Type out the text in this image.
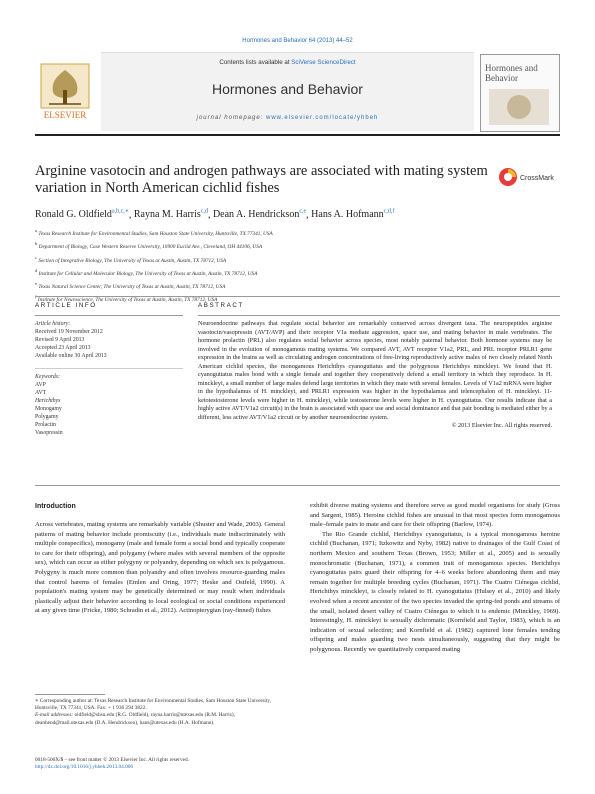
Hormones and Behavior 64 (2013) 44–52
ELSEVIER
Contents lists available at SciVerse ScienceDirect
Hormones and Behavior
journal homepage: www.elsevier.com/locate/yhbeh
Hormones and Behavior
Arginine vasotocin and androgen pathways are associated with mating system variation in North American cichlid fishes
CrossMark
Ronald G. Oldfield$^{a,b,c,∗}$, Rayna M. Harris$^{c,d}$, Dean A. Hendrickson$^{c,e}$, Hans A. Hofmann$^{c,d,f}$
$^a$ Texas Research Institute for Environmental Studies, Sam Houston State University, Huntsville, TX 77341, USA
$^b$ Department of Biology, Case Western Reserve University, 10900 Euclid Ave., Cleveland, OH 44106, USA
$^c$ Section of Integrative Biology, The University of Texas at Austin, Austin, TX 78712, USA
$^d$ Institute for Cellular and Molecular Biology, The University of Texas at Austin, Austin, TX 78712, USA
$^e$ Texas Natural Science Center, The University of Texas at Austin, Austin, TX 78712, USA
$^f$ Institute for Neuroscience, The University of Texas at Austin, Austin, TX 78712, USA
ARTICLE INFO	ABSTRACT
Article history:
Received 19 November 2012
Revised 9 April 2013
Accepted 23 April 2013
Available online 30 April 2013
Keywords:
AVP
AVT
Herichthys
Monogamy
Polygamy
Prolactin
Vasopressin
Neuroendocrine pathways that regulate social behavior are remarkably conserved across divergent taxa. The neuropeptides arginine vasotocin/vasopressin (AVT/AVP) and their receptor V1a mediate aggression, space use, and mating behavior in male vertebrates. The hormone prolactin (PRL) also regulates social behavior across species, most notably paternal behavior. Both hormone systems may be involved in the evolution of monogamous mating systems. We compared AVT, AVT receptor V1a2, PRL, and PRL receptor PRLR1 gene expression in the brains as well as circulating androgen concentrations of free-living reproductively active males of two closely related North American cichlid species, the monogamous Herichthys cyanoguttatus and the polygynous Herichthys minckleyi. We found that H. cyanoguttatus males bond with a single female and together they cooperatively defend a small territory in which they reproduce. In H. minckleyi, a small number of large males defend large territories in which they mate with several females. Levels of V1a2 mRNA were higher in the hypothalamus of H. minckleyi, and PRLR1 expression was higher in the hypothalamus and telencephalon of H. minckleyi. 11-ketotestosterone levels were higher in H. minckleyi, while testosterone levels were higher in H. cyanoguttatus. Our results indicate that a highly active AVT/V1a2 circuit(s) in the brain is associated with space use and social dominance and that pair bonding is mediated either by a different, less active AVT/V1a2 circuit or by another neuroendocrine system.
© 2013 Elsevier Inc. All rights reserved.
Introduction
Across vertebrates, mating systems are remarkably variable (Shuster and Wade, 2003). General patterns of mating behavior include promiscuity (i.e., individuals mate indiscriminately with multiple conspecifics), monogamy (male and female form a social bond and typically cooperate to care for their offspring), and polygamy (where males with several members of the opposite sex), which can occur as either polygyny or polyandry, depending on which sex is polygamous. Polygyny is much more common than polyandry and often involves resource-guarding males that control harems of females (Emlen and Oring, 1977; Heske and Ostfeld, 1990). A population's mating system may be genetically determined or may result when individuals plastically adjust their behavior according to local ecological or social conditions experienced at any given time (Fricke, 1980; Schradin et al., 2012). Actinopterygian (ray-finned) fishes
exhibit diverse mating systems and therefore serve as good model organisms for study (Gross and Sargent, 1985). Heroine cichlid fishes are unusual in that most species form monogamous male–female pairs to mate and care for their offspring (Barlow, 1974).
The Rio Grande cichlid, Herichthys cyanoguttatus, is a typical monogamous heroine cichlid (Buchanan, 1971; Itzkowitz and Nyby, 1982) native to drainages of the Gulf Coast of northern Mexico and southern Texas (Brown, 1953; Miller et al., 2005) and is sexually monochromatic (Buchanan, 1971), a common trait of monogamous species. Herichthys cyanoguttatus pairs guard their offspring for 4–6 weeks before abandoning them and may remain together for multiple breeding cycles (Buchanan, 1971). The Cuatro Ciénegas cichlid, Herichthys minckleyi, is closely related to H. cyanoguttatus (Hulsey et al., 2010) and likely evolved when a recent ancestor of the two species invaded the spring-fed ponds and streams of the small, isolated desert valley of Cuatro Ciénegas to which it is endemic (Minckley, 1969). Interestingly, H. minckleyi is sexually dichromatic (Kornfield and Taylor, 1983), which is an indication of sexual selection; and Kornfield et al. (1982) captured lone females tending offspring and males guarding two nests simultaneously, suggesting that they might be polygynous. Recently we quantitatively compared mating
∗ Corresponding author at: Texas Research Institute for Environmental Studies, Sam Houston State University, Huntsville, TX 77341, USA. Fax: + 1 936 294 3822.
E-mail addresses: oldfield@shsu.edu (R.G. Oldfield), rayna.harris@utexas.edu (R.M. Harris), deanhend@mail.utexas.edu (D.A. Hendrickson), hans@utexas.edu (H.A. Hofmann).
0018-506X/$ – see front matter © 2013 Elsevier Inc. All rights reserved.
http://dx.doi.org/10.1016/j.yhbeh.2013.04.006
